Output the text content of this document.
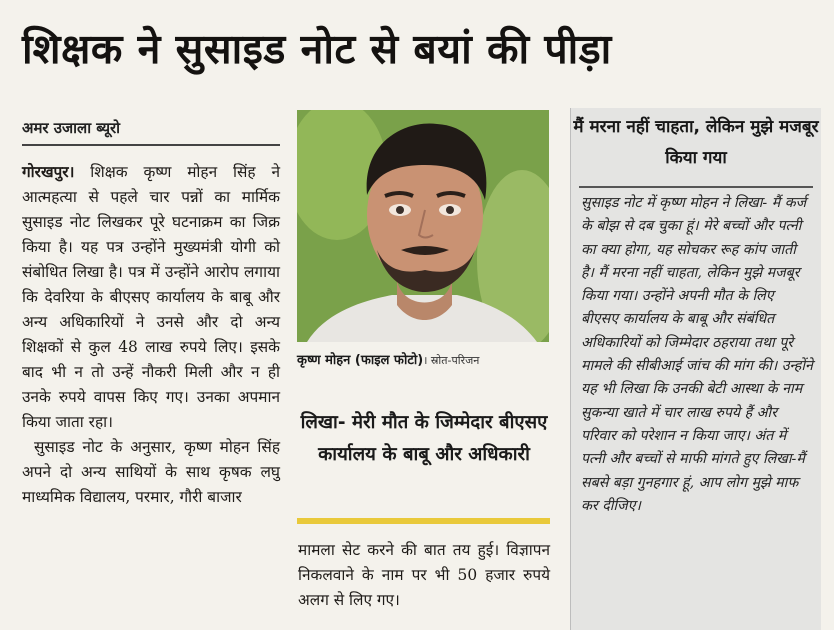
शिक्षक ने सुसाइड नोट से बयां की पीड़ा
अमर उजाला ब्यूरो

गोरखपुर। शिक्षक कृष्ण मोहन सिंह ने आत्महत्या से पहले चार पन्नों का मार्मिक सुसाइड नोट लिखकर पूरे घटनाक्रम का जिक्र किया है। यह पत्र उन्होंने मुख्यमंत्री योगी को संबोधित लिखा है। पत्र में उन्होंने आरोप लगाया कि देवरिया के बीएसए कार्यालय के बाबू और अन्य अधिकारियों ने उनसे और दो अन्य शिक्षकों से कुल 48 लाख रुपये लिए। इसके बाद भी न तो उन्हें नौकरी मिली और न ही उनके रुपये वापस किए गए। उनका अपमान किया जाता रहा।

सुसाइड नोट के अनुसार, कृष्ण मोहन सिंह अपने दो अन्य साथियों के साथ कृषक लघु माध्यमिक विद्यालय, परमार, गौरी बाजार

कृष्ण मोहन (फाइल फोटो)। स्रोत-परिजन
लिखा- मेरी मौत के जिम्मेदार बीएसए कार्यालय के बाबू और अधिकारी

मामला सेट करने की बात तय हुई। विज्ञापन निकलवाने के नाम पर भी 50 हजार रुपये अलग से लिए गए।

मैं मरना नहीं चाहता, लेकिन मुझे मजबूर किया गया

सुसाइड नोट में कृष्ण मोहन ने लिखा- मैं कर्ज के बोझ से दब चुका हूं। मेरे बच्चों और पत्नी का क्या होगा, यह सोचकर रूह कांप जाती है। मैं मरना नहीं चाहता, लेकिन मुझे मजबूर किया गया। उन्होंने अपनी मौत के लिए बीएसए कार्यालय के बाबू और संबंधित अधिकारियों को जिम्मेदार ठहराया तथा पूरे मामले की सीबीआई जांच की मांग की। उन्होंने यह भी लिखा कि उनकी बेटी आस्था के नाम सुकन्या खाते में चार लाख रुपये हैं और परिवार को परेशान न किया जाए। अंत में पत्नी और बच्चों से माफी मांगते हुए लिखा-मैं सबसे बड़ा गुनहगार हूं, आप लोग मुझे माफ कर दीजिए।
